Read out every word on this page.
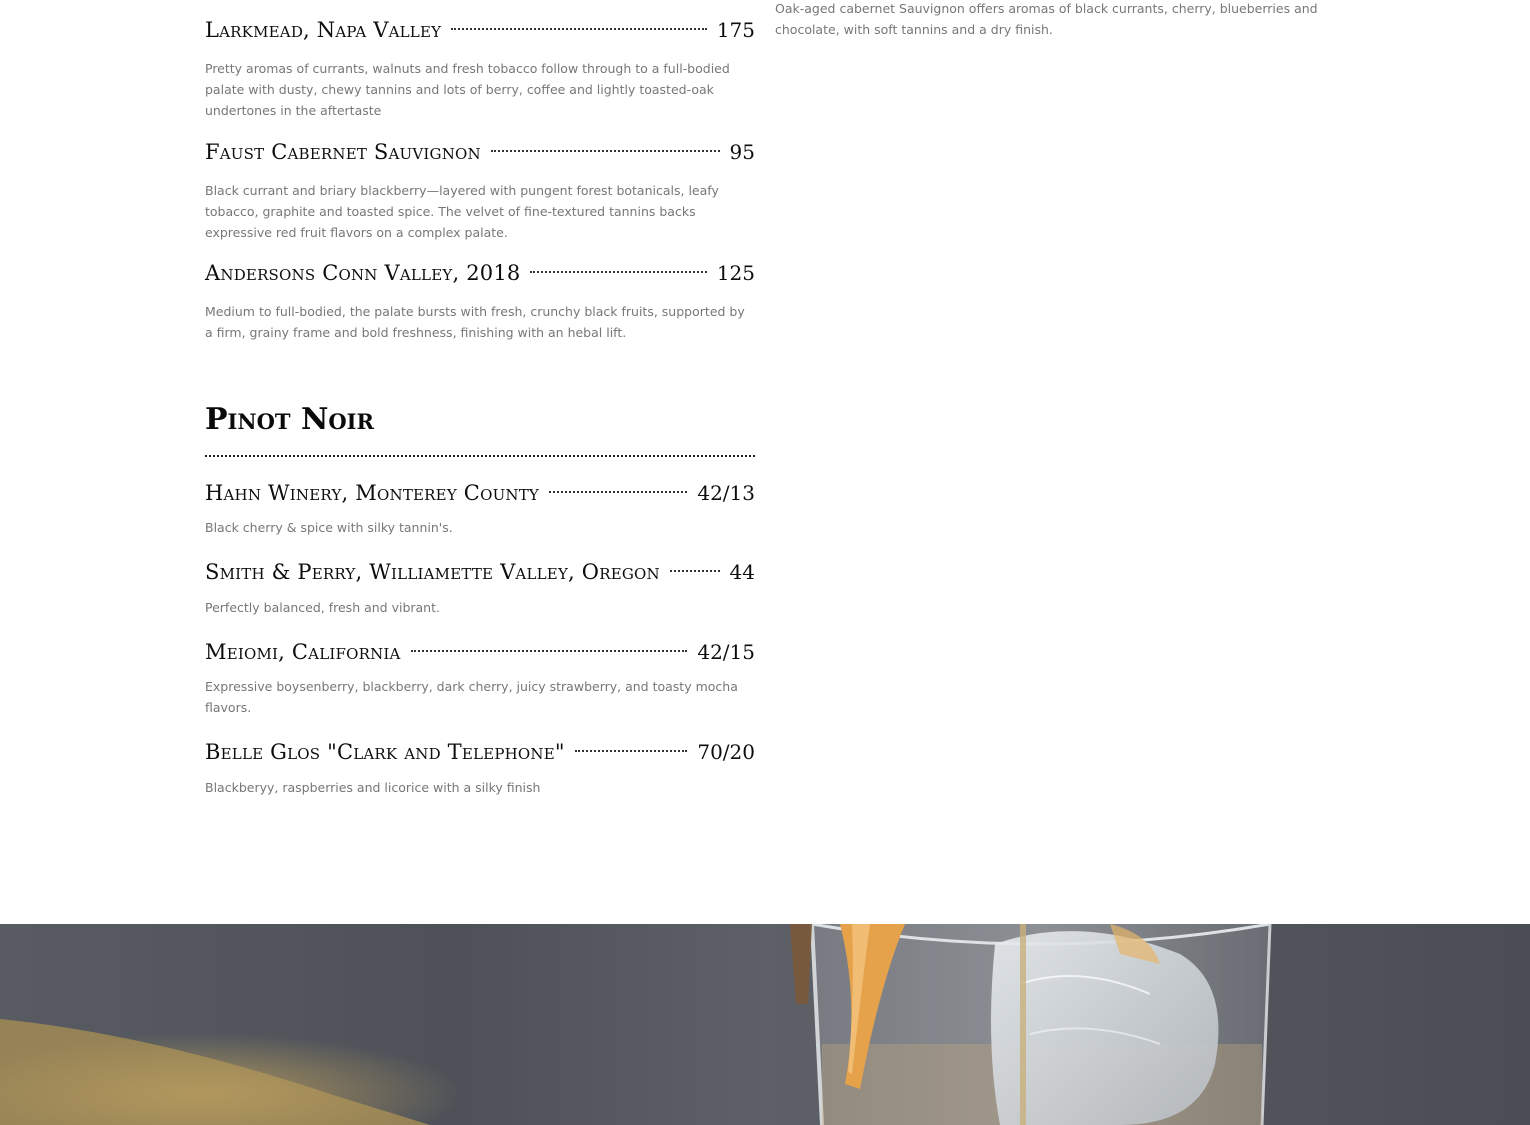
Larkmead, Napa Valley	175
Pretty aromas of currants, walnuts and fresh tobacco follow through to a full-bodied palate with dusty, chewy tannins and lots of berry, coffee and lightly toasted-oak undertones in the aftertaste
Faust Cabernet Sauvignon	95
Black currant and briary blackberry—layered with pungent forest botanicals, leafy tobacco, graphite and toasted spice. The velvet of fine-textured tannins backs expressive red fruit flavors on a complex palate.
Andersons Conn Valley, 2018	125
Medium to full-bodied, the palate bursts with fresh, crunchy black fruits, supported by a firm, grainy frame and bold freshness, finishing with an hebal lift.
Pinot Noir
Hahn Winery, Monterey County	42/13
Black cherry & spice with silky tannin's.
Smith & Perry, Williamette Valley, Oregon	44
Perfectly balanced, fresh and vibrant.
Meiomi, California	42/15
Expressive boysenberry, blackberry, dark cherry, juicy strawberry, and toasty mocha flavors.
Belle Glos "Clark and Telephone"	70/20
Blackberyy, raspberries and licorice with a silky finish
Oak-aged cabernet Sauvignon offers aromas of black currants, cherry, blueberries and chocolate, with soft tannins and a dry finish.
